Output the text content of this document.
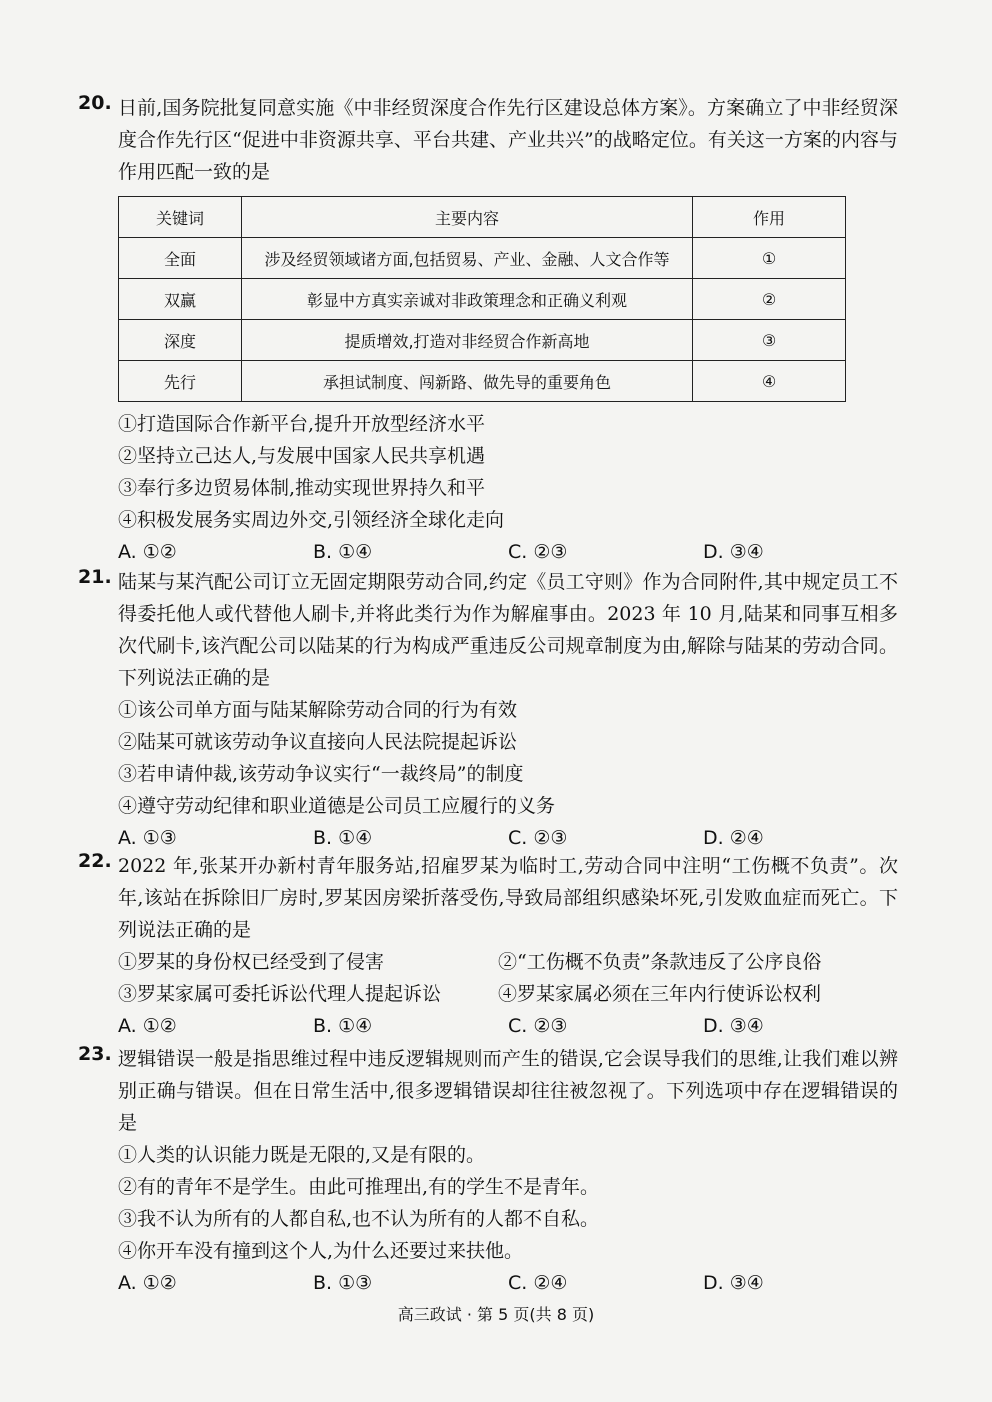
20. 日前,国务院批复同意实施《中非经贸深度合作先行区建设总体方案》。方案确立了中非经贸深度合作先行区“促进中非资源共享、平台共建、产业共兴”的战略定位。有关这一方案的内容与作用匹配一致的是
关键词	主要内容	作用
全面	涉及经贸领域诸方面,包括贸易、产业、金融、人文合作等	①
双赢	彰显中方真实亲诚对非政策理念和正确义利观	②
深度	提质增效,打造对非经贸合作新高地	③
先行	承担试制度、闯新路、做先导的重要角色	④
①打造国际合作新平台,提升开放型经济水平
②坚持立己达人,与发展中国家人民共享机遇
③奉行多边贸易体制,推动实现世界持久和平
④积极发展务实周边外交,引领经济全球化走向
A. ①②	B. ①④	C. ②③	D. ③④
21. 陆某与某汽配公司订立无固定期限劳动合同,约定《员工守则》作为合同附件,其中规定员工不得委托他人或代替他人刷卡,并将此类行为作为解雇事由。2023 年 10 月,陆某和同事互相多次代刷卡,该汽配公司以陆某的行为构成严重违反公司规章制度为由,解除与陆某的劳动合同。下列说法正确的是
①该公司单方面与陆某解除劳动合同的行为有效
②陆某可就该劳动争议直接向人民法院提起诉讼
③若申请仲裁,该劳动争议实行“一裁终局”的制度
④遵守劳动纪律和职业道德是公司员工应履行的义务
A. ①③	B. ①④	C. ②③	D. ②④
22. 2022 年,张某开办新村青年服务站,招雇罗某为临时工,劳动合同中注明“工伤概不负责”。次年,该站在拆除旧厂房时,罗某因房梁折落受伤,导致局部组织感染坏死,引发败血症而死亡。下列说法正确的是
①罗某的身份权已经受到了侵害	②“工伤概不负责”条款违反了公序良俗
③罗某家属可委托诉讼代理人提起诉讼	④罗某家属必须在三年内行使诉讼权利
A. ①②	B. ①④	C. ②③	D. ③④
23. 逻辑错误一般是指思维过程中违反逻辑规则而产生的错误,它会误导我们的思维,让我们难以辨别正确与错误。但在日常生活中,很多逻辑错误却往往被忽视了。下列选项中存在逻辑错误的是
①人类的认识能力既是无限的,又是有限的。
②有的青年不是学生。由此可推理出,有的学生不是青年。
③我不认为所有的人都自私,也不认为所有的人都不自私。
④你开车没有撞到这个人,为什么还要过来扶他。
A. ①②	B. ①③	C. ②④	D. ③④
高三政试 · 第 5 页(共 8 页)
